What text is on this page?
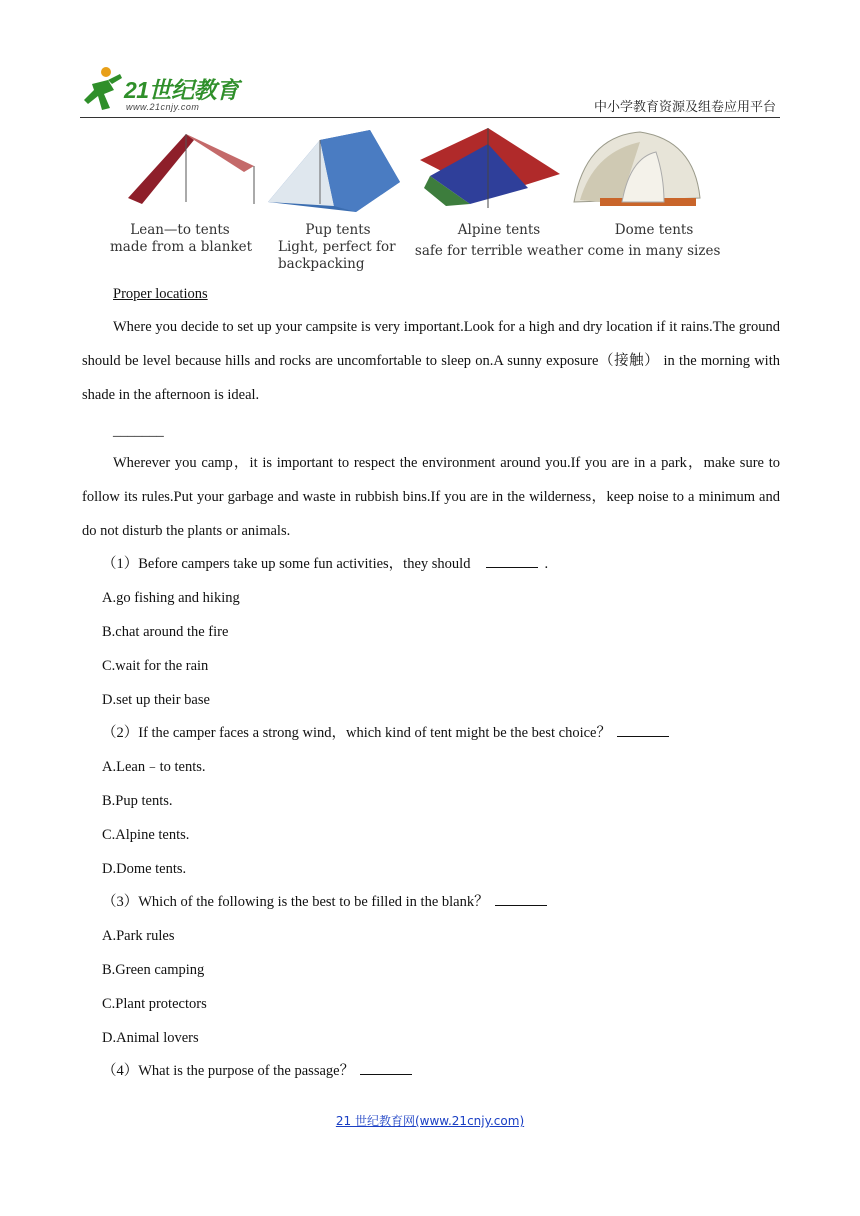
21世纪教育
www.21cnjy.com	中小学教育资源及组卷应用平台
Lean—to tents
made from a blanket
Pup tents
Light, perfect for
backpacking
Alpine tents
safe for terrible weather
Dome tents
come in many sizes
Proper locations
Where you decide to set up your campsite is very important.Look for a high and dry location if it rains.The ground should be level because hills and rocks are uncomfortable to sleep on.A sunny exposure（接触） in the morning with shade in the afternoon is ideal.
_______
Wherever you camp，it is important to respect the environment around you.If you are in a park，make sure to follow its rules.Put your garbage and waste in rubbish bins.If you are in the wilderness，keep noise to a minimum and do not disturb the plants or animals.
（1）Before campers take up some fun activities，they should	.
A.go fishing and hiking
B.chat around the fire
C.wait for the rain
D.set up their base
（2）If the camper faces a strong wind，which kind of tent might be the best choice？
A.Lean﹣to tents.
B.Pup tents.
C.Alpine tents.
D.Dome tents.
（3）Which of the following is the best to be filled in the blank？
A.Park rules
B.Green camping
C.Plant protectors
D.Animal lovers
（4）What is the purpose of the passage？
21 世纪教育网(www.21cnjy.com)
